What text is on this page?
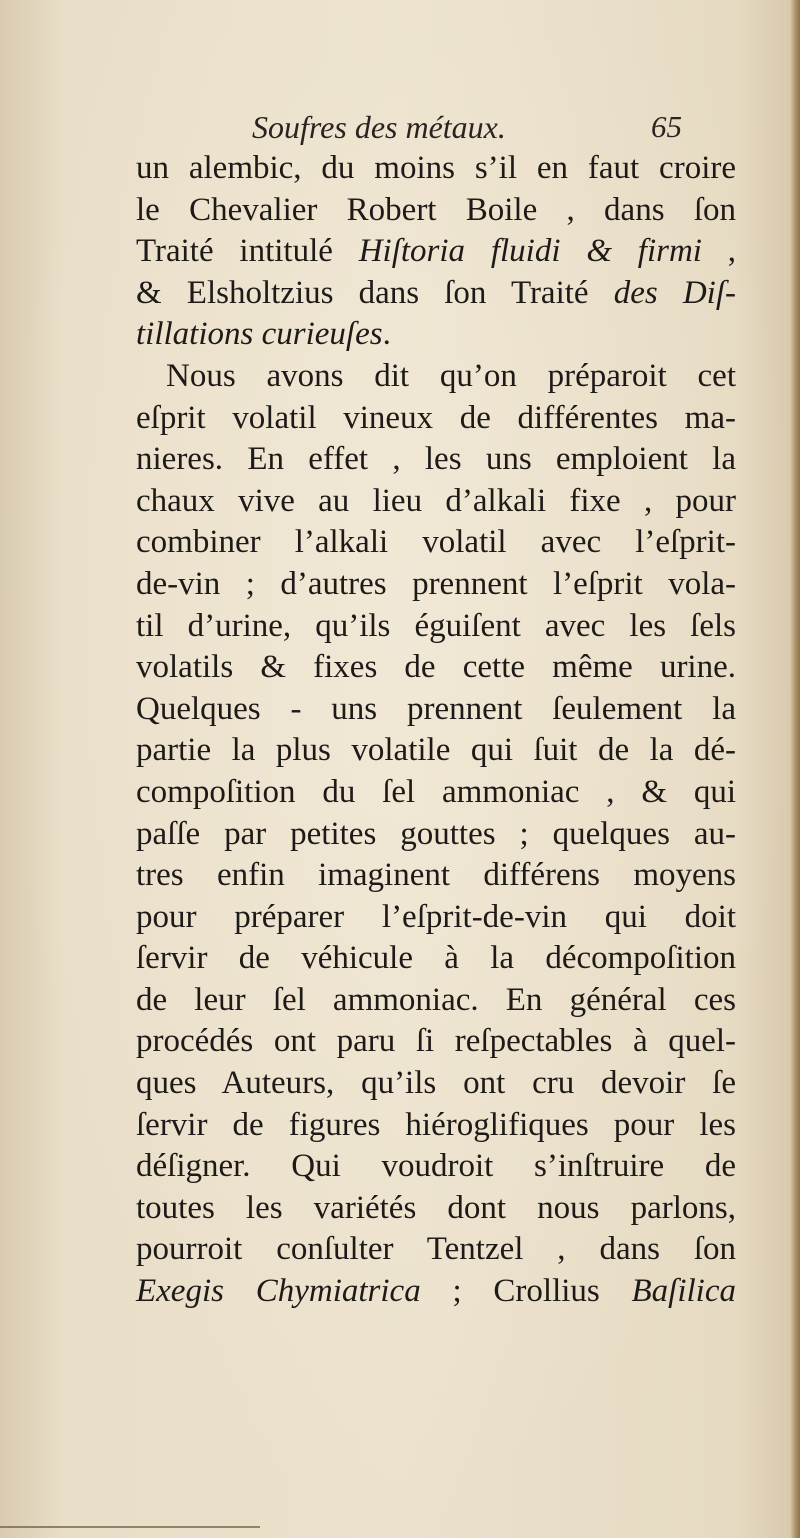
Soufres des métaux.	65
un alembic, du moins s’il en faut croire
le Chevalier Robert Boile , dans ſon
Traité intitulé Hiſtoria fluidi & firmi ,
& Elsholtzius dans ſon Traité des Diſ-
tillations curieuſes.
Nous avons dit qu’on préparoit cet
eſprit volatil vineux de différentes ma-
nieres. En effet , les uns emploient la
chaux vive au lieu d’alkali fixe , pour
combiner l’alkali volatil avec l’eſprit-
de-vin ; d’autres prennent l’eſprit vola-
til d’urine, qu’ils éguiſent avec les ſels
volatils & fixes de cette même urine.
Quelques - uns prennent ſeulement la
partie la plus volatile qui ſuit de la dé-
compoſition du ſel ammoniac , & qui
paſſe par petites gouttes ; quelques au-
tres enfin imaginent différens moyens
pour préparer l’eſprit-de-vin qui doit
ſervir de véhicule à la décompoſition
de leur ſel ammoniac. En général ces
procédés ont paru ſi reſpectables à quel-
ques Auteurs, qu’ils ont cru devoir ſe
ſervir de figures hiéroglifiques pour les
déſigner. Qui voudroit s’inſtruire de
toutes les variétés dont nous parlons,
pourroit conſulter Tentzel , dans ſon
Exegis Chymiatrica ; Crollius Baſilica
